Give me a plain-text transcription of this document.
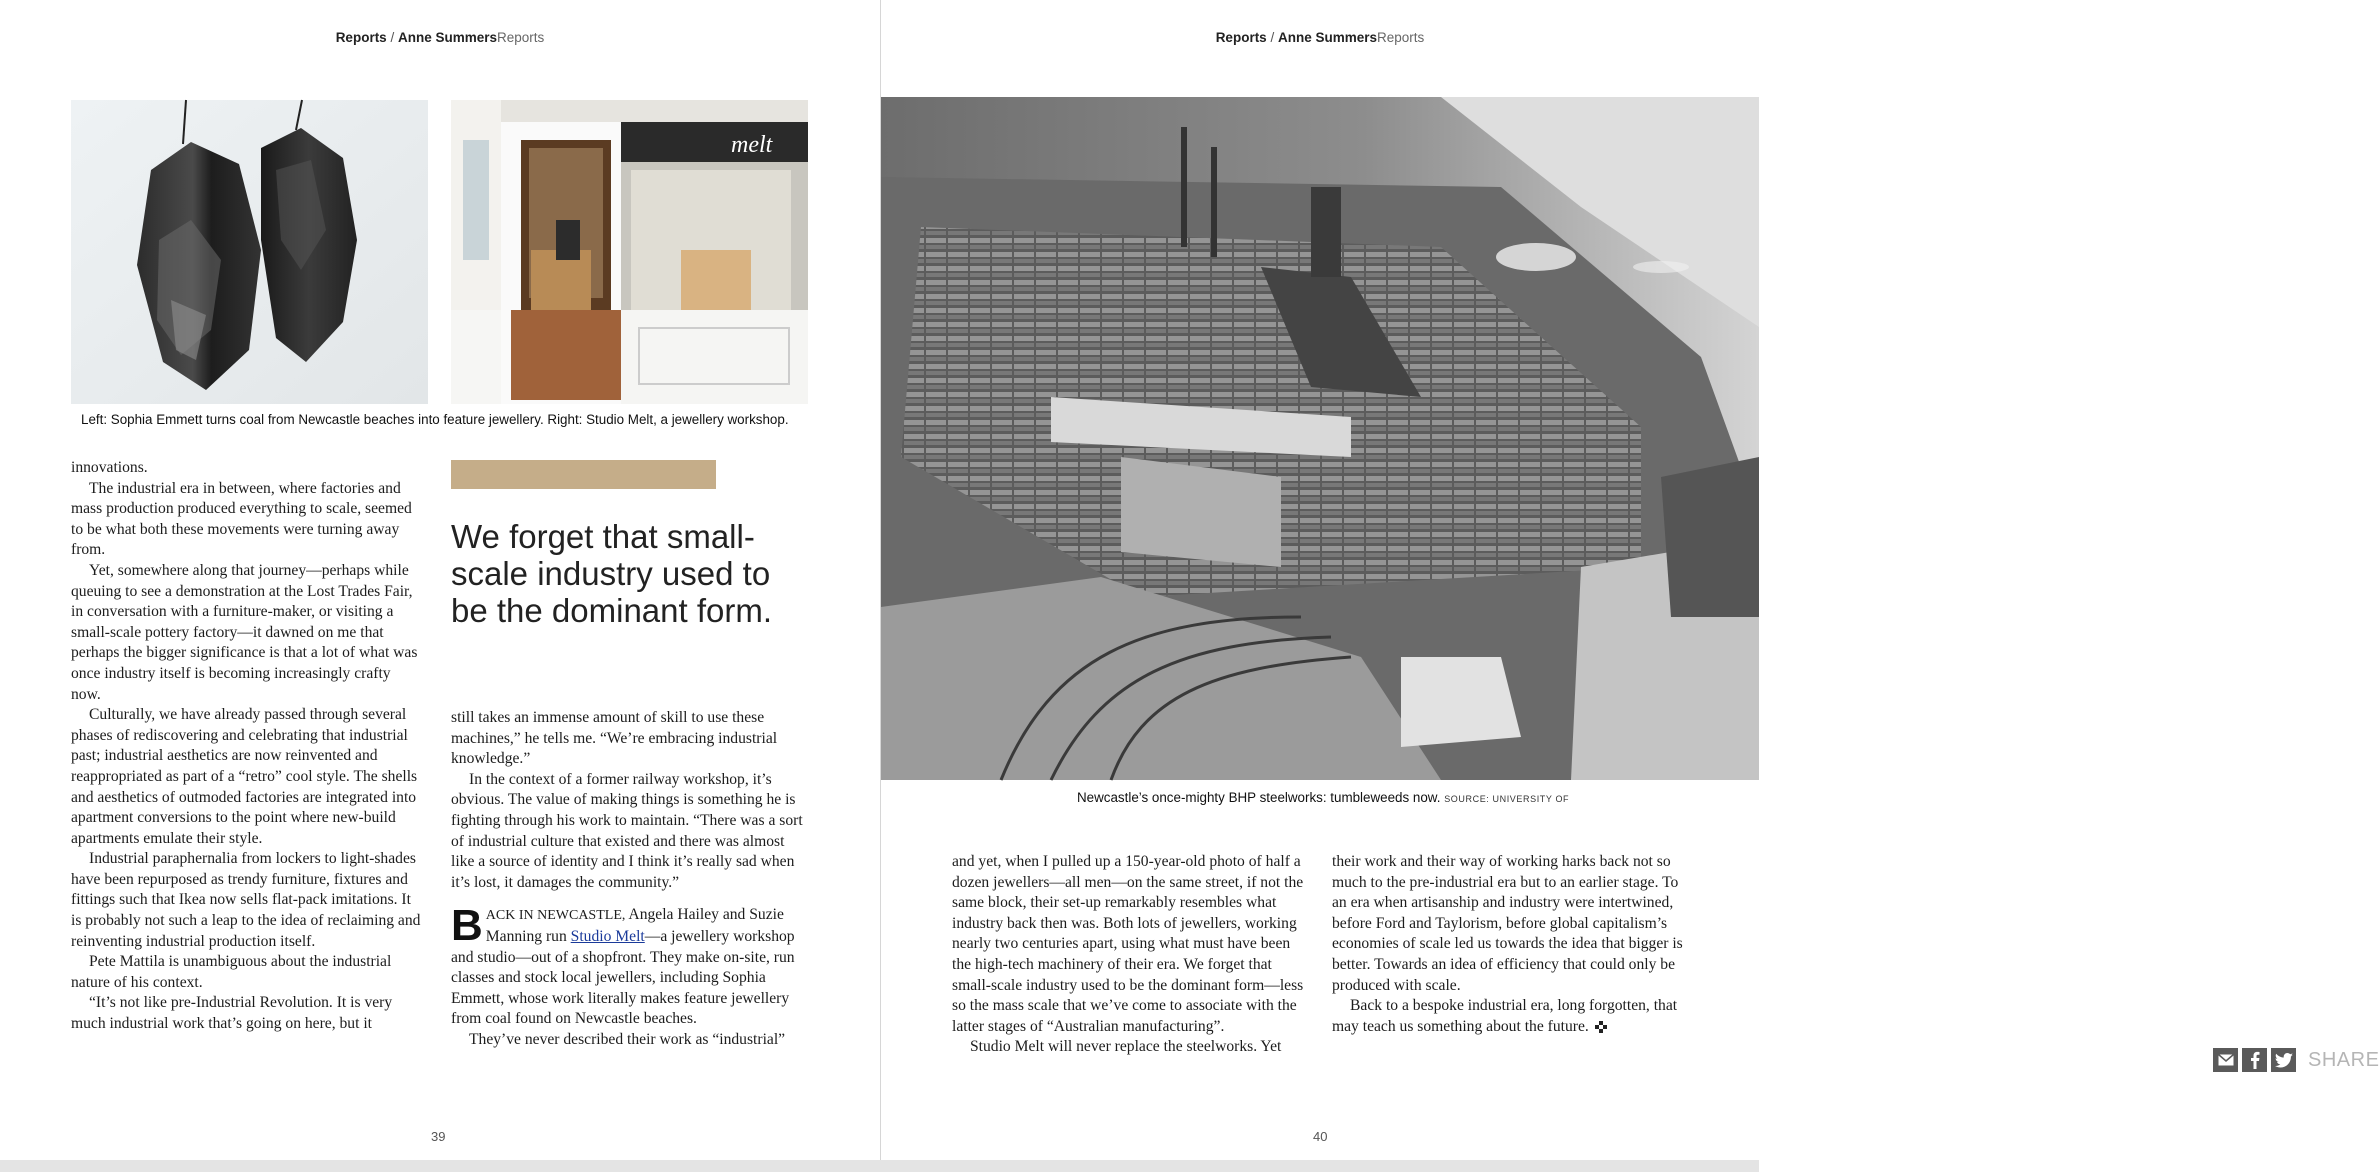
Reports / Anne SummersReports
melt
Left: Sophia Emmett turns coal from Newcastle beaches into feature jewellery. Right: Studio Melt, a jewellery workshop.

innovations.

The industrial era in between, where factories and mass production produced everything to scale, seemed to be what both these movements were turning away from.

Yet, somewhere along that journey—perhaps while queuing to see a demonstration at the Lost Trades Fair, in conversation with a furniture-maker, or visiting a small-scale pottery factory—it dawned on me that perhaps the bigger significance is that a lot of what was once industry itself is becoming increasingly crafty now.

Culturally, we have already passed through several phases of rediscovering and celebrating that industrial past; industrial aesthetics are now reinvented and reappropriated as part of a “retro” cool style. The shells and aesthetics of outmoded factories are integrated into apartment conversions to the point where new-build apartments emulate their style.

Industrial paraphernalia from lockers to light-shades have been repurposed as trendy furniture, fixtures and fittings such that Ikea now sells flat-pack imitations. It is probably not such a leap to the idea of reclaiming and reinventing industrial production itself.

Pete Mattila is unambiguous about the industrial nature of his context.

“It’s not like pre-Industrial Revolution. It is very much industrial work that’s going on here, but it

We forget that small-scale industry used to be the dominant form.

still takes an immense amount of skill to use these machines,” he tells me. “We’re embracing industrial knowledge.”

In the context of a former railway workshop, it’s obvious. The value of making things is something he is fighting through his work to maintain. “There was a sort of industrial culture that existed and there was almost like a source of identity and I think it’s really sad when it’s lost, it damages the community.”

BACK IN NEWCASTLE, Angela Hailey and Suzie Manning run Studio Melt—a jewellery workshop and studio—out of a shopfront. They make on-site, run classes and stock local jewellers, including Sophia Emmett, whose work literally makes feature jewellery from coal found on Newcastle beaches.

They’ve never described their work as “industrial”

39
Reports / Anne SummersReports
Newcastle’s once-mighty BHP steelworks: tumbleweeds now. SOURCE: UNIVERSITY OF

and yet, when I pulled up a 150-year-old photo of half a dozen jewellers—all men—on the same street, if not the same block, their set-up remarkably resembles what industry back then was. Both lots of jewellers, working nearly two centuries apart, using what must have been the high-tech machinery of their era. We forget that small-scale industry used to be the dominant form—less so the mass scale that we’ve come to associate with the latter stages of “Australian manufacturing”.

Studio Melt will never replace the steelworks. Yet

their work and their way of working harks back not so much to the pre-industrial era but to an earlier stage. To an era when artisanship and industry were intertwined, before Ford and Taylorism, before global capitalism’s economies of scale led us towards the idea that bigger is better. Towards an idea of efficiency that could only be produced with scale.

Back to a bespoke industrial era, long forgotten, that may teach us something about the future.

SHARE
40
